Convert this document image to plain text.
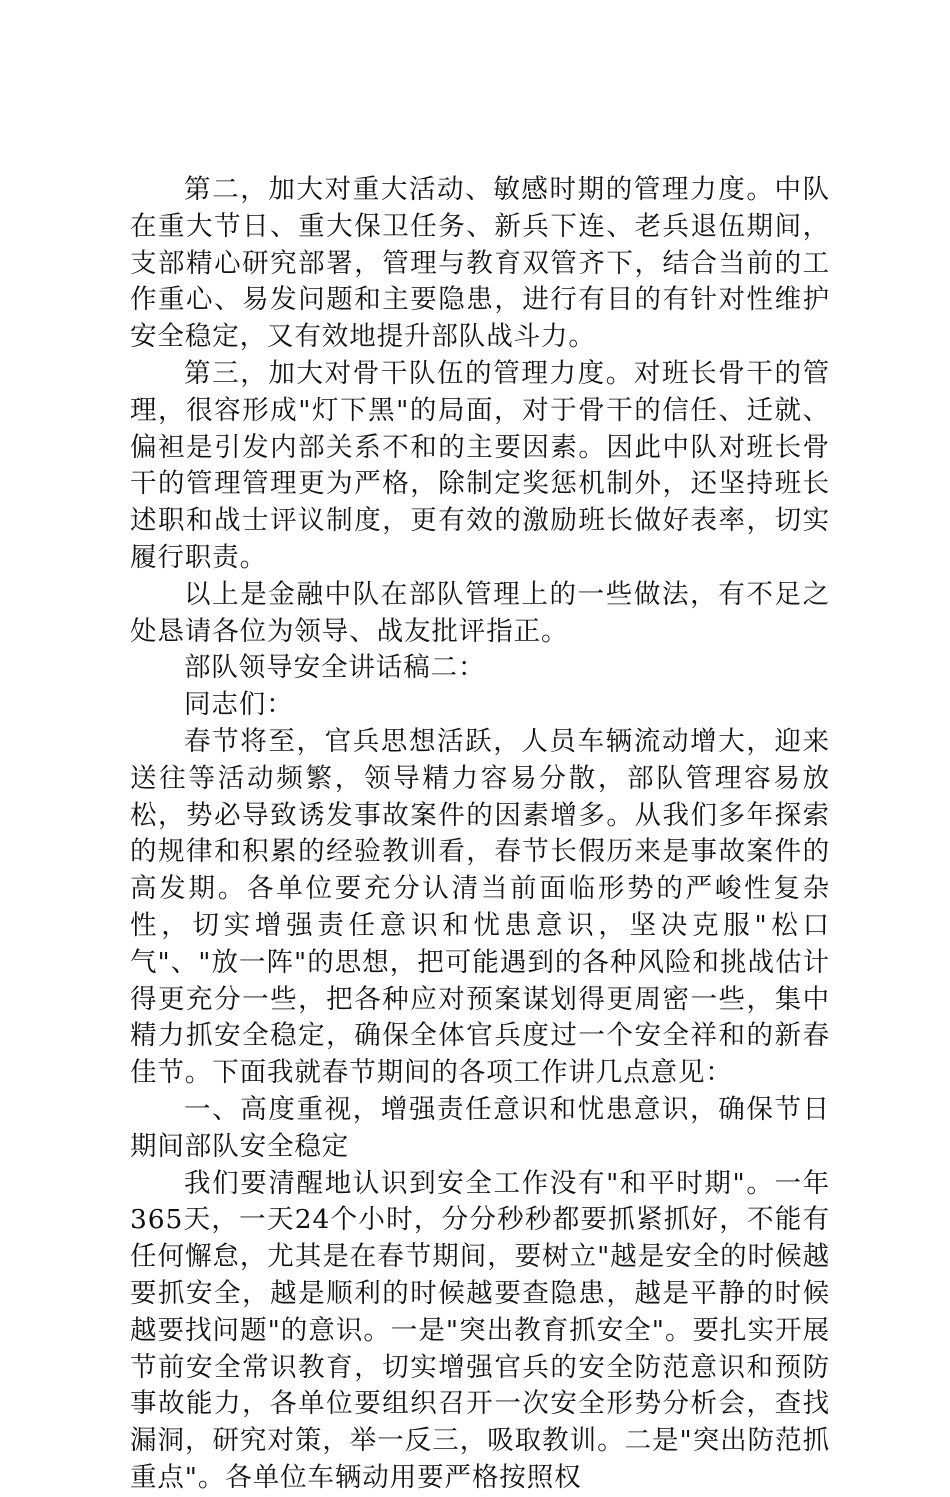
第二，加大对重大活动、敏感时期的管理力度。中队在重大节日、重大保卫任务、新兵下连、老兵退伍期间，支部精心研究部署，管理与教育双管齐下，结合当前的工作重心、易发问题和主要隐患，进行有目的有针对性维护安全稳定，又有效地提升部队战斗力。

第三，加大对骨干队伍的管理力度。对班长骨干的管理，很容形成"灯下黑"的局面，对于骨干的信任、迁就、偏袒是引发内部关系不和的主要因素。因此中队对班长骨干的管理管理更为严格，除制定奖惩机制外，还坚持班长述职和战士评议制度，更有效的激励班长做好表率，切实履行职责。

以上是金融中队在部队管理上的一些做法，有不足之处恳请各位为领导、战友批评指正。

部队领导安全讲话稿二：

同志们：

春节将至，官兵思想活跃，人员车辆流动增大，迎来送往等活动频繁，领导精力容易分散，部队管理容易放松，势必导致诱发事故案件的因素增多。从我们多年探索的规律和积累的经验教训看，春节长假历来是事故案件的高发期。各单位要充分认清当前面临形势的严峻性复杂性，切实增强责任意识和忧患意识，坚决克服"松口气"、"放一阵"的思想，把可能遇到的各种风险和挑战估计得更充分一些，把各种应对预案谋划得更周密一些，集中精力抓安全稳定，确保全体官兵度过一个安全祥和的新春佳节。下面我就春节期间的各项工作讲几点意见：

一、高度重视，增强责任意识和忧患意识，确保节日期间部队安全稳定

我们要清醒地认识到安全工作没有"和平时期"。一年365天，一天24个小时，分分秒秒都要抓紧抓好，不能有任何懈怠，尤其是在春节期间，要树立"越是安全的时候越要抓安全，越是顺利的时候越要查隐患，越是平静的时候越要找问题"的意识。一是"突出教育抓安全"。要扎实开展节前安全常识教育，切实增强官兵的安全防范意识和预防事故能力，各单位要组织召开一次安全形势分析会，查找漏洞，研究对策，举一反三，吸取教训。二是"突出防范抓重点"。各单位车辆动用要严格按照权
